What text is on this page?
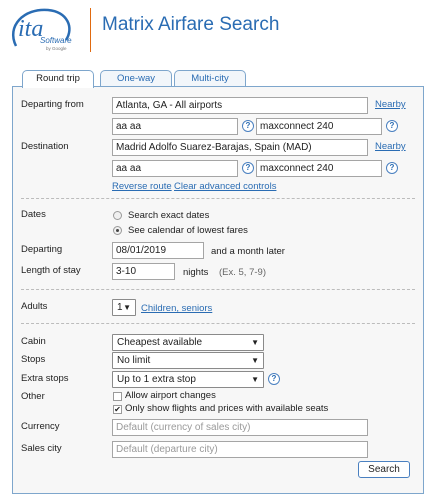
ita
Software
by Google
Matrix Airfare Search
Round trip	One-way	Multi-city
Departing from	Atlanta, GA - All airports	Nearby
aa aa	? maxconnect 240	?
Destination	Madrid Adolfo Suarez-Barajas, Spain (MAD)	Nearby
aa aa	? maxconnect 240	?
Reverse route Clear advanced controls
Dates	Search exact dates
See calendar of lowest fares
Departing	08/01/2019	and a month later
Length of stay	3-10	nights (Ex. 5, 7-9)
Adults	1 ▼ Children, seniors
Cabin	Cheapest available	▼
Stops	No limit	▼
Extra stops	Up to 1 extra stop	▼	?
Other	Allow airport changes
✔ Only show flights and prices with available seats
Currency	Default (currency of sales city)
Sales city	Default (departure city)
Search
